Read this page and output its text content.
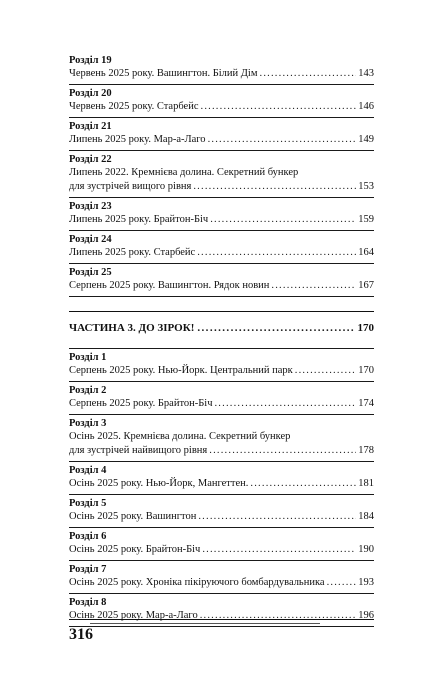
Розділ 19
Червень 2025 року. Вашингтон. Білий Дім .....	143
Розділ 20
Червень 2025 року. Старбейс .....	146
Розділ 21
Липень 2025 року. Мар-а-Лаго .....	149
Розділ 22
Липень 2022. Кремнієва долина. Секретний бункер
для зустрічей вищого рівня .....	153
Розділ 23
Липень 2025 року. Брайтон-Біч .....	159
Розділ 24
Липень 2025 року. Старбейс .....	164
Розділ 25
Серпень 2025 року. Вашингтон. Рядок новин .....	167
ЧАСТИНА 3. ДО ЗІРОК! .....	170
Розділ 1
Серпень 2025 року. Нью-Йорк. Центральний парк .....	170
Розділ 2
Серпень 2025 року. Брайтон-Біч .....	174
Розділ 3
Осінь 2025. Кремнієва долина. Секретний бункер
для зустрічей найвищого рівня .....	178
Розділ 4
Осінь 2025 року. Нью-Йорк, Мангеттен. .....	181
Розділ 5
Осінь 2025 року. Вашингтон .....	184
Розділ 6
Осінь 2025 року. Брайтон-Біч .....	190
Розділ 7
Осінь 2025 року. Хроніка пікіруючого бомбардувальника .....	193
Розділ 8
Осінь 2025 року. Мар-а-Лаго .....	196
316
